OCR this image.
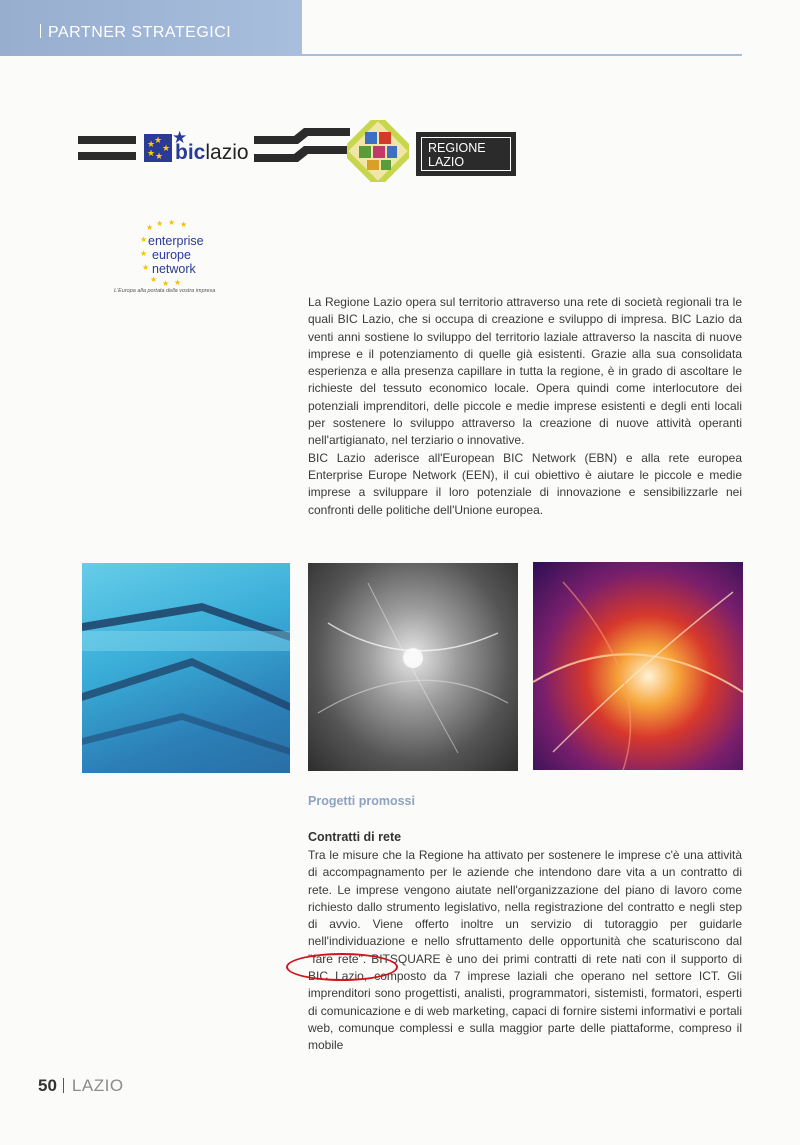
PARTNER STRATEGICI
★
★
★ ★
★
★
biclazio	REGIONE
LAZIO
★ ★ ★ ★
★
★
★
★ ★ ★
enterprise
europe
network
L'Europa alla portata della vostra impresa

La Regione Lazio opera sul territorio attraverso una rete di società regionali tra le quali BIC Lazio, che si occupa di creazione e sviluppo di impresa. BIC Lazio da venti anni sostiene lo sviluppo del territorio laziale attraverso la nascita di nuove imprese e il potenziamento di quelle già esistenti. Grazie alla sua consolidata esperienza e alla presenza capillare in tutta la regione, è in grado di ascoltare le richieste del tessuto economico locale. Opera quindi come interlocutore dei potenziali imprenditori, delle piccole e medie imprese esistenti e degli enti locali per sostenere lo sviluppo attraverso la creazione di nuove attività operanti nell'artigianato, nel terziario o innovative.

BIC Lazio aderisce all'European BIC Network (EBN) e alla rete europea Enterprise Europe Network (EEN), il cui obiettivo è aiutare le piccole e medie imprese a sviluppare il loro potenziale di innovazione e sensibilizzarle nei confronti delle politiche dell'Unione europea.

Progetti promossi
Contratti di rete

Tra le misure che la Regione ha attivato per sostenere le imprese c'è una attività di accompagnamento per le aziende che intendono dare vita a un contratto di rete. Le imprese vengono aiutate nell'organizzazione del piano di lavoro come richiesto dallo strumento legislativo, nella registrazione del contratto e negli step di avvio. Viene offerto inoltre un servizio di tutoraggio per guidarle nell'individuazione e nello sfruttamento delle opportunità che scaturiscono dal "fare rete". BITSQUARE è uno dei primi contratti di rete nati con il supporto di BIC Lazio, composto da 7 imprese laziali che operano nel settore ICT. Gli imprenditori sono progettisti, analisti, programmatori, sistemisti, formatori, esperti di comunicazione e di web marketing, capaci di fornire sistemi informativi e portali web, comunque complessi e sulla maggior parte delle piattaforme, compreso il mobile

50 LAZIO
